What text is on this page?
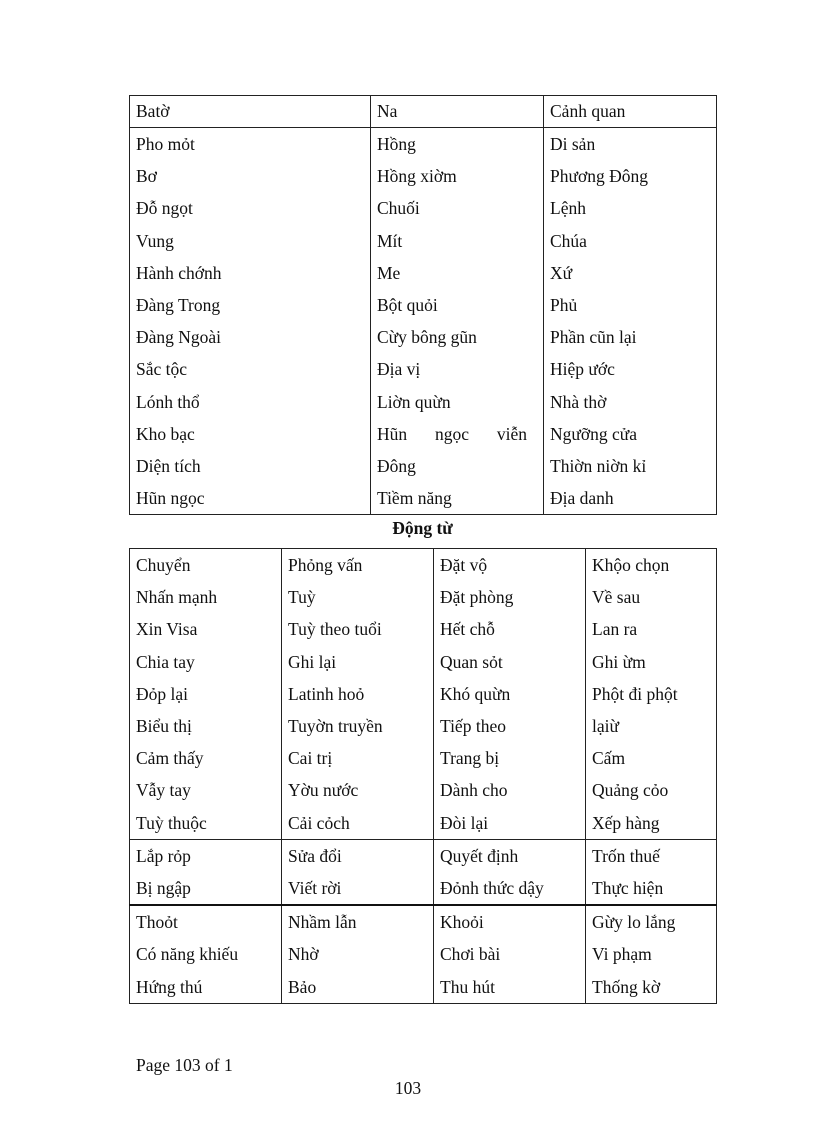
Batờ	Na	Cảnh quan
Pho mỏt	Hồng	Di sản
Bơ	Hồng xiờm	Phương Đông
Đỗ ngọt	Chuối	Lệnh
Vung	Mít	Chúa
Hành chớnh	Me	Xứ
Đàng Trong	Bột quỏi	Phủ
Đàng Ngoài	Cừy bông gũn	Phần cũn lại
Sắc tộc	Địa vị	Hiệp ước
Lónh thổ	Liờn quừn	Nhà thờ
Kho bạc	Hũn ngọc viễn	Ngưỡng cửa
Diện tích	Đông	Thiờn niờn kỉ
Hũn ngọc	Tiềm năng	Địa danh
Động từ
Chuyển	Phỏng vấn	Đặt vộ	Khộo chọn
Nhấn mạnh	Tuỳ	Đặt phòng	Về sau
Xin Visa	Tuỳ theo tuổi	Hết chỗ	Lan ra
Chia tay	Ghi lại	Quan sỏt	Ghi ừm
Đỏp lại	Latinh hoỏ	Khó quừn	Phột đi phột
Biểu thị	Tuyờn truyền	Tiếp theo	lạiừ
Cảm thấy	Cai trị	Trang bị	Cấm
Vẫy tay	Yờu nước	Dành cho	Quảng cỏo
Tuỳ thuộc	Cải cỏch	Đòi lại	Xếp hàng
Lắp rỏp	Sửa đổi	Quyết định	Trốn thuế
Bị ngập	Viết rời	Đỏnh thức dậy	Thực hiện
Thoỏt	Nhầm lẫn	Khoỏi	Gừy lo lắng
Có năng khiếu	Nhờ	Chơi bài	Vi phạm
Hứng thú	Bảo	Thu hút	Thống kờ
Page 103 of 1
103
